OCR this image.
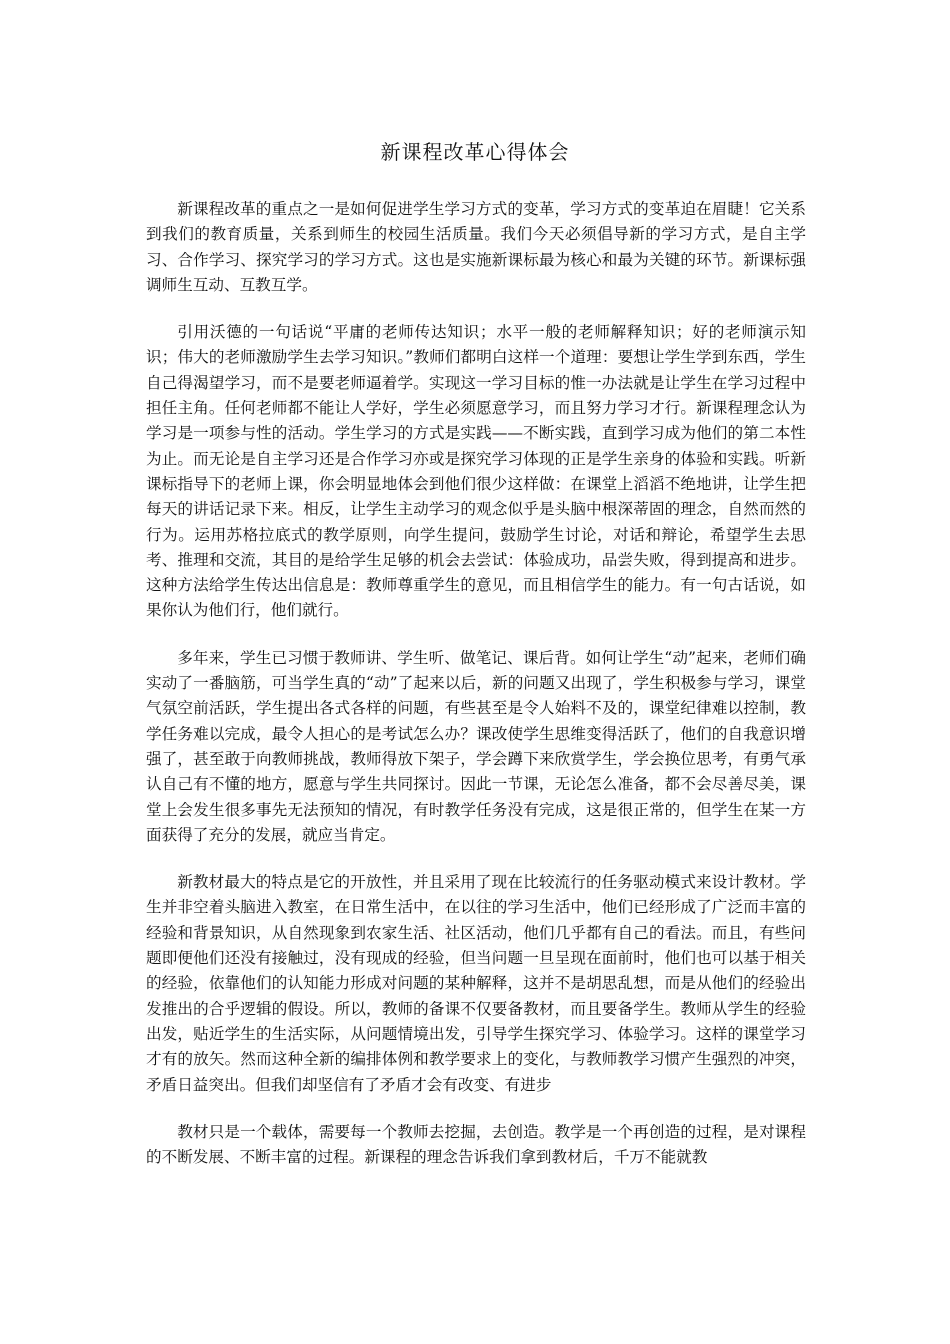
新课程改革心得体会

新课程改革的重点之一是如何促进学生学习方式的变革，学习方式的变革迫在眉睫！它关系到我们的教育质量，关系到师生的校园生活质量。我们今天必须倡导新的学习方式，是自主学习、合作学习、探究学习的学习方式。这也是实施新课标最为核心和最为关键的环节。新课标强调师生互动、互教互学。

引用沃德的一句话说“平庸的老师传达知识；水平一般的老师解释知识；好的老师演示知识；伟大的老师激励学生去学习知识。”教师们都明白这样一个道理：要想让学生学到东西，学生自己得渴望学习，而不是要老师逼着学。实现这一学习目标的惟一办法就是让学生在学习过程中担任主角。任何老师都不能让人学好，学生必须愿意学习，而且努力学习才行。新课程理念认为学习是一项参与性的活动。学生学习的方式是实践——不断实践，直到学习成为他们的第二本性为止。而无论是自主学习还是合作学习亦或是探究学习体现的正是学生亲身的体验和实践。听新课标指导下的老师上课，你会明显地体会到他们很少这样做：在课堂上滔滔不绝地讲，让学生把每天的讲话记录下来。相反，让学生主动学习的观念似乎是头脑中根深蒂固的理念，自然而然的行为。运用苏格拉底式的教学原则，向学生提问，鼓励学生讨论，对话和辩论，希望学生去思考、推理和交流，其目的是给学生足够的机会去尝试：体验成功，品尝失败，得到提高和进步。这种方法给学生传达出信息是：教师尊重学生的意见，而且相信学生的能力。有一句古话说，如果你认为他们行，他们就行。

多年来，学生已习惯于教师讲、学生听、做笔记、课后背。如何让学生“动”起来，老师们确实动了一番脑筋，可当学生真的“动”了起来以后，新的问题又出现了，学生积极参与学习，课堂气氛空前活跃，学生提出各式各样的问题，有些甚至是令人始料不及的，课堂纪律难以控制，教学任务难以完成，最令人担心的是考试怎么办？课改使学生思维变得活跃了，他们的自我意识增强了，甚至敢于向教师挑战，教师得放下架子，学会蹲下来欣赏学生，学会换位思考，有勇气承认自己有不懂的地方，愿意与学生共同探讨。因此一节课，无论怎么准备，都不会尽善尽美，课堂上会发生很多事先无法预知的情况，有时教学任务没有完成，这是很正常的，但学生在某一方面获得了充分的发展，就应当肯定。

新教材最大的特点是它的开放性，并且采用了现在比较流行的任务驱动模式来设计教材。学生并非空着头脑进入教室，在日常生活中，在以往的学习生活中，他们已经形成了广泛而丰富的经验和背景知识，从自然现象到农家生活、社区活动，他们几乎都有自己的看法。而且，有些问题即便他们还没有接触过，没有现成的经验，但当问题一旦呈现在面前时，他们也可以基于相关的经验，依靠他们的认知能力形成对问题的某种解释，这并不是胡思乱想，而是从他们的经验出发推出的合乎逻辑的假设。所以，教师的备课不仅要备教材，而且要备学生。教师从学生的经验出发，贴近学生的生活实际，从问题情境出发，引导学生探究学习、体验学习。这样的课堂学习才有的放矢。然而这种全新的编排体例和教学要求上的变化，与教师教学习惯产生强烈的冲突，矛盾日益突出。但我们却坚信有了矛盾才会有改变、有进步

教材只是一个载体，需要每一个教师去挖掘，去创造。教学是一个再创造的过程，是对课程的不断发展、不断丰富的过程。新课程的理念告诉我们拿到教材后，千万不能就教
